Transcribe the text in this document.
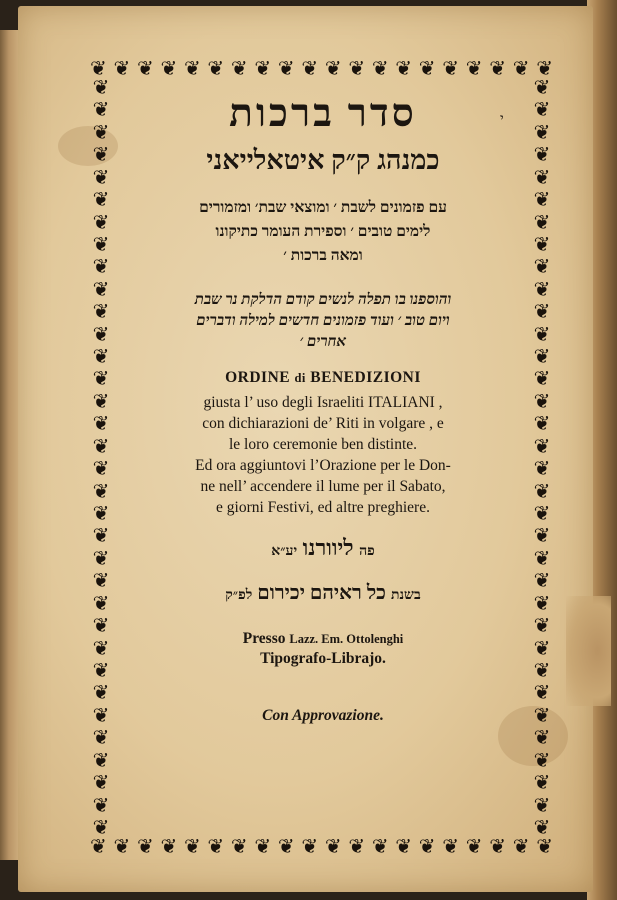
❦ ❦ ❦ ❦ ❦ ❦ ❦ ❦ ❦ ❦ ❦ ❦ ❦ ❦ ❦ ❦ ❦ ❦ ❦ ❦
❦ ❦ ❦ ❦ ❦ ❦ ❦ ❦ ❦ ❦ ❦ ❦ ❦ ❦ ❦ ❦ ❦ ❦ ❦ ❦
❦
❦
❦
❦
❦
❦
❦
❦
❦
❦
❦
❦
❦
❦
❦
❦
❦
❦
❦
❦
❦
❦
❦
❦
❦
❦
❦
❦
❦
❦
❦
❦
❦
❦
❦
❦
❦
❦
❦
❦
❦
❦
❦
❦
❦
❦
❦
❦
❦
❦
❦
❦
❦
❦
❦
❦
❦
❦
❦
❦
❦
❦
❦
❦
❦
❦
❦
❦
סדר ברכות	י
כמנהג ק״ק איטאלייאני
עם פזמונים לשבת ׳ ומוצאי שבת׳ ומזמורים
לימים טובים ׳ וספירת העומר כתיקונו
ומאה ברכות ׳
והוספנו בו תפלה לנשים קודם הדלקת נר שבת
ויום טוב ׳ ועוד פזמונים חדשים למילה ודברים
אחרים ׳
ORDINE di BENEDIZIONI
giusta l’ uso degli Israeliti ITALIANI ,
con dichiarazioni de’ Riti in volgare , e
le loro ceremonie ben distinte.
Ed ora aggiuntovi l’Orazione per le Don-
ne nell’ accendere il lume per il Sabato,
e giorni Festivi, ed altre preghiere.
פה ליוורנו יע״א
בשנת כל ראיהם יכירום לפ״ק
Presso Lazz. Em. Ottolenghi
Tipografo-Librajo.
Con Approvazione.
